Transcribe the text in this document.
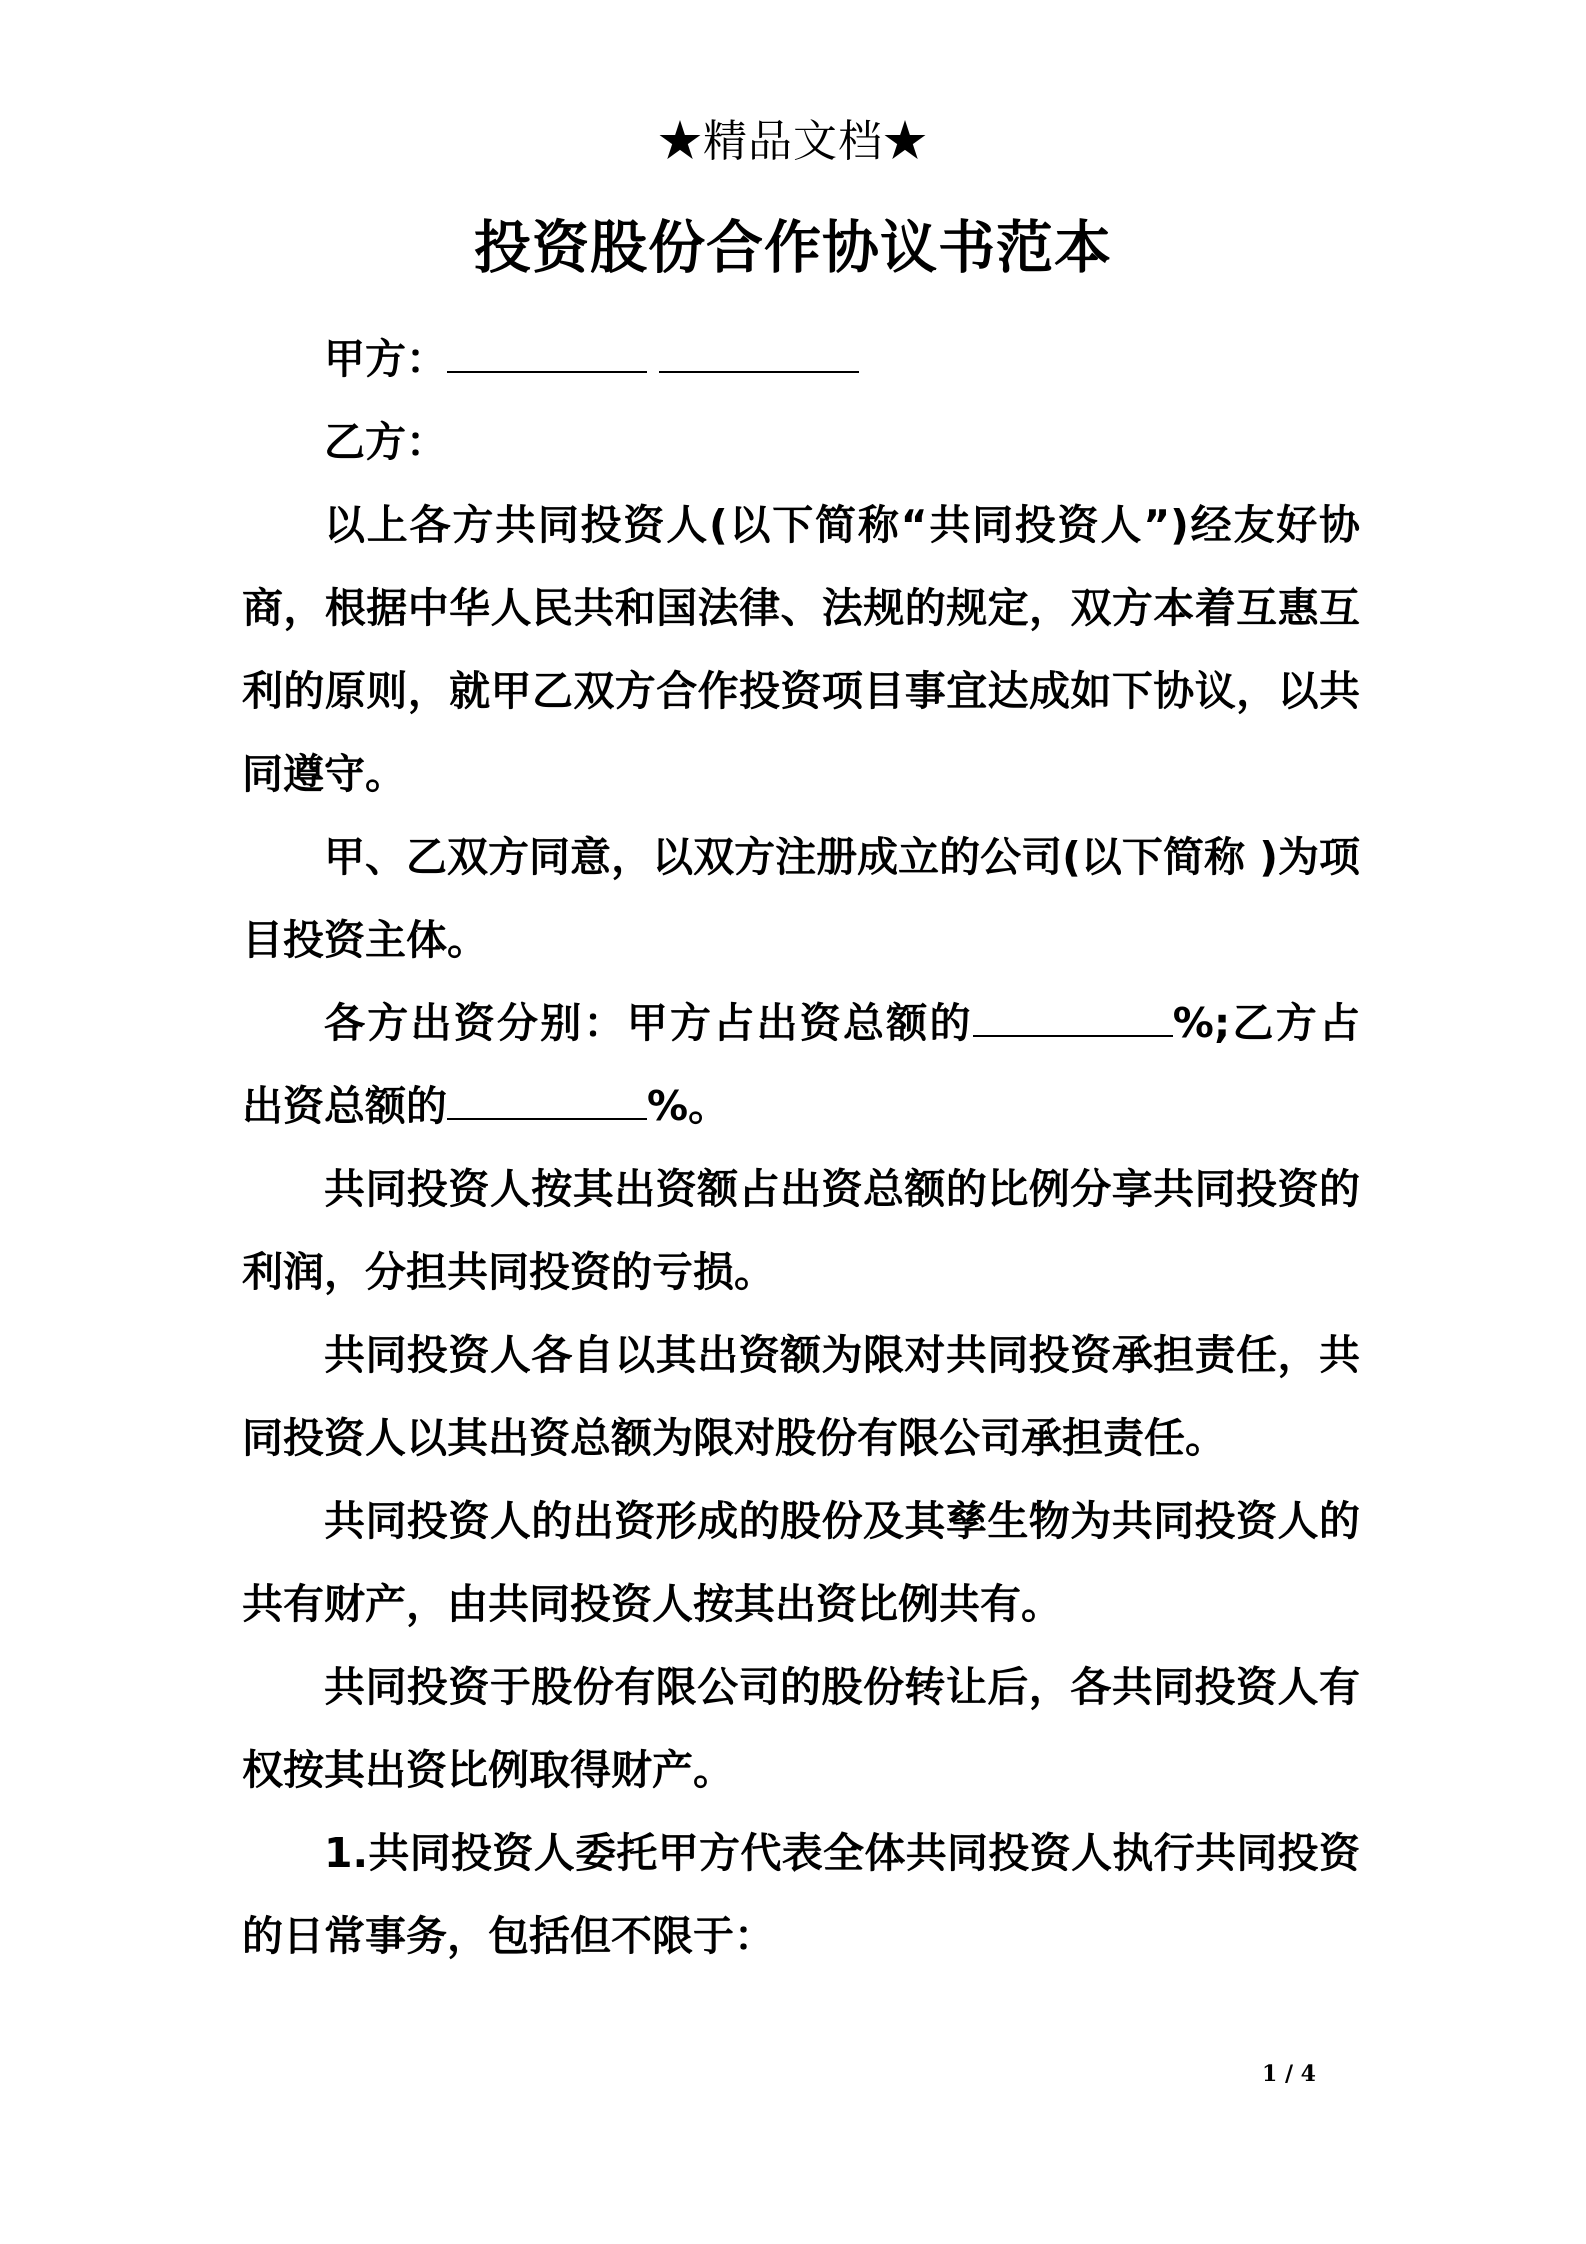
★精品文档★
投资股份合作协议书范本

甲方：

乙方：

以上各方共同投资人(以下简称“共同投资人”)经友好协商，根据中华人民共和国法律、法规的规定，双方本着互惠互利的原则，就甲乙双方合作投资项目事宜达成如下协议，以共同遵守。

甲、乙双方同意，以双方注册成立的公司(以下简称 )为项目投资主体。

各方出资分别：甲方占出资总额的	%;乙方占出资总额的	%。

共同投资人按其出资额占出资总额的比例分享共同投资的利润，分担共同投资的亏损。

共同投资人各自以其出资额为限对共同投资承担责任，共同投资人以其出资总额为限对股份有限公司承担责任。

共同投资人的出资形成的股份及其孳生物为共同投资人的共有财产，由共同投资人按其出资比例共有。

共同投资于股份有限公司的股份转让后，各共同投资人有权按其出资比例取得财产。

1.共同投资人委托甲方代表全体共同投资人执行共同投资的日常事务，包括但不限于：

1 / 4
